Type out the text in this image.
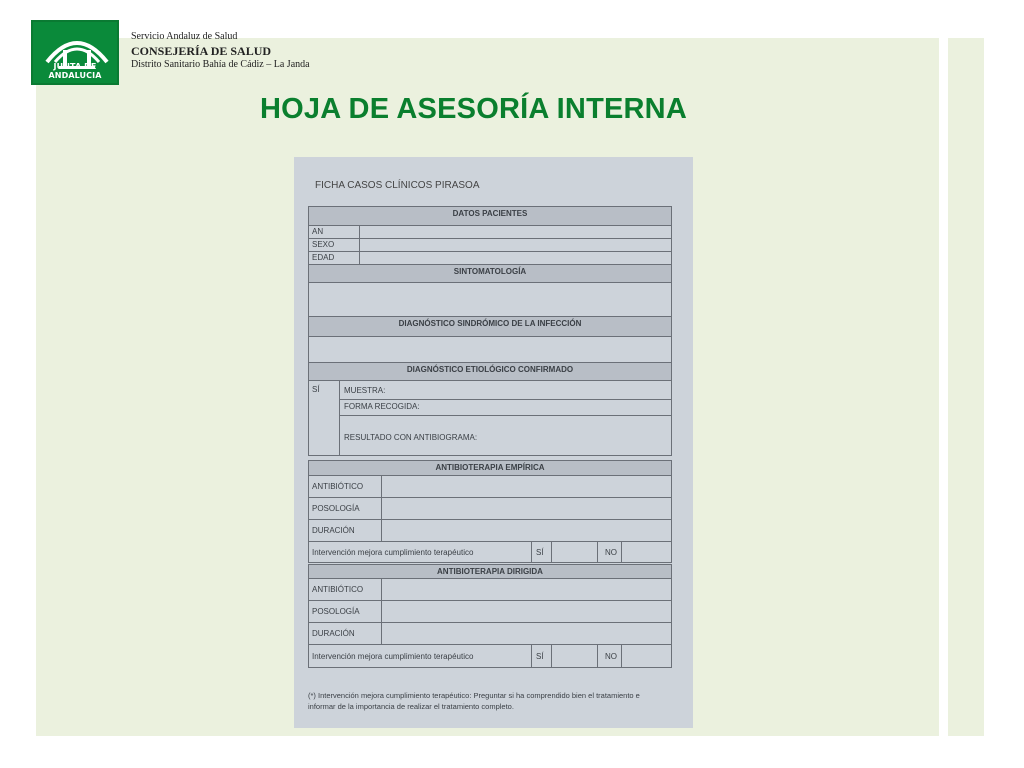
JUNTA DE ANDALUCIA
Servicio Andaluz de Salud
CONSEJERÍA DE SALUD
Distrito Sanitario Bahía de Cádiz – La Janda
HOJA DE ASESORÍA INTERNA
FICHA CASOS CLÍNICOS PIRASOA
DATOS PACIENTES
AN
SEXO
EDAD
SINTOMATOLOGÍA
DIAGNÓSTICO SINDRÓMICO DE LA INFECCIÓN
DIAGNÓSTICO ETIOLÓGICO CONFIRMADO
SÍ	MUESTRA:
FORMA RECOGIDA:
RESULTADO CON ANTIBIOGRAMA:
ANTIBIOTERAPIA EMPÍRICA
ANTIBIÓTICO
POSOLOGÍA
DURACIÓN
Intervención mejora cumplimiento terapéutico	SÍ	NO
ANTIBIOTERAPIA DIRIGIDA
ANTIBIÓTICO
POSOLOGÍA
DURACIÓN
Intervención mejora cumplimiento terapéutico	SÍ	NO
(*) Intervención mejora cumplimiento terapéutico: Preguntar si ha comprendido bien el tratamiento e informar de la importancia de realizar el tratamiento completo.
